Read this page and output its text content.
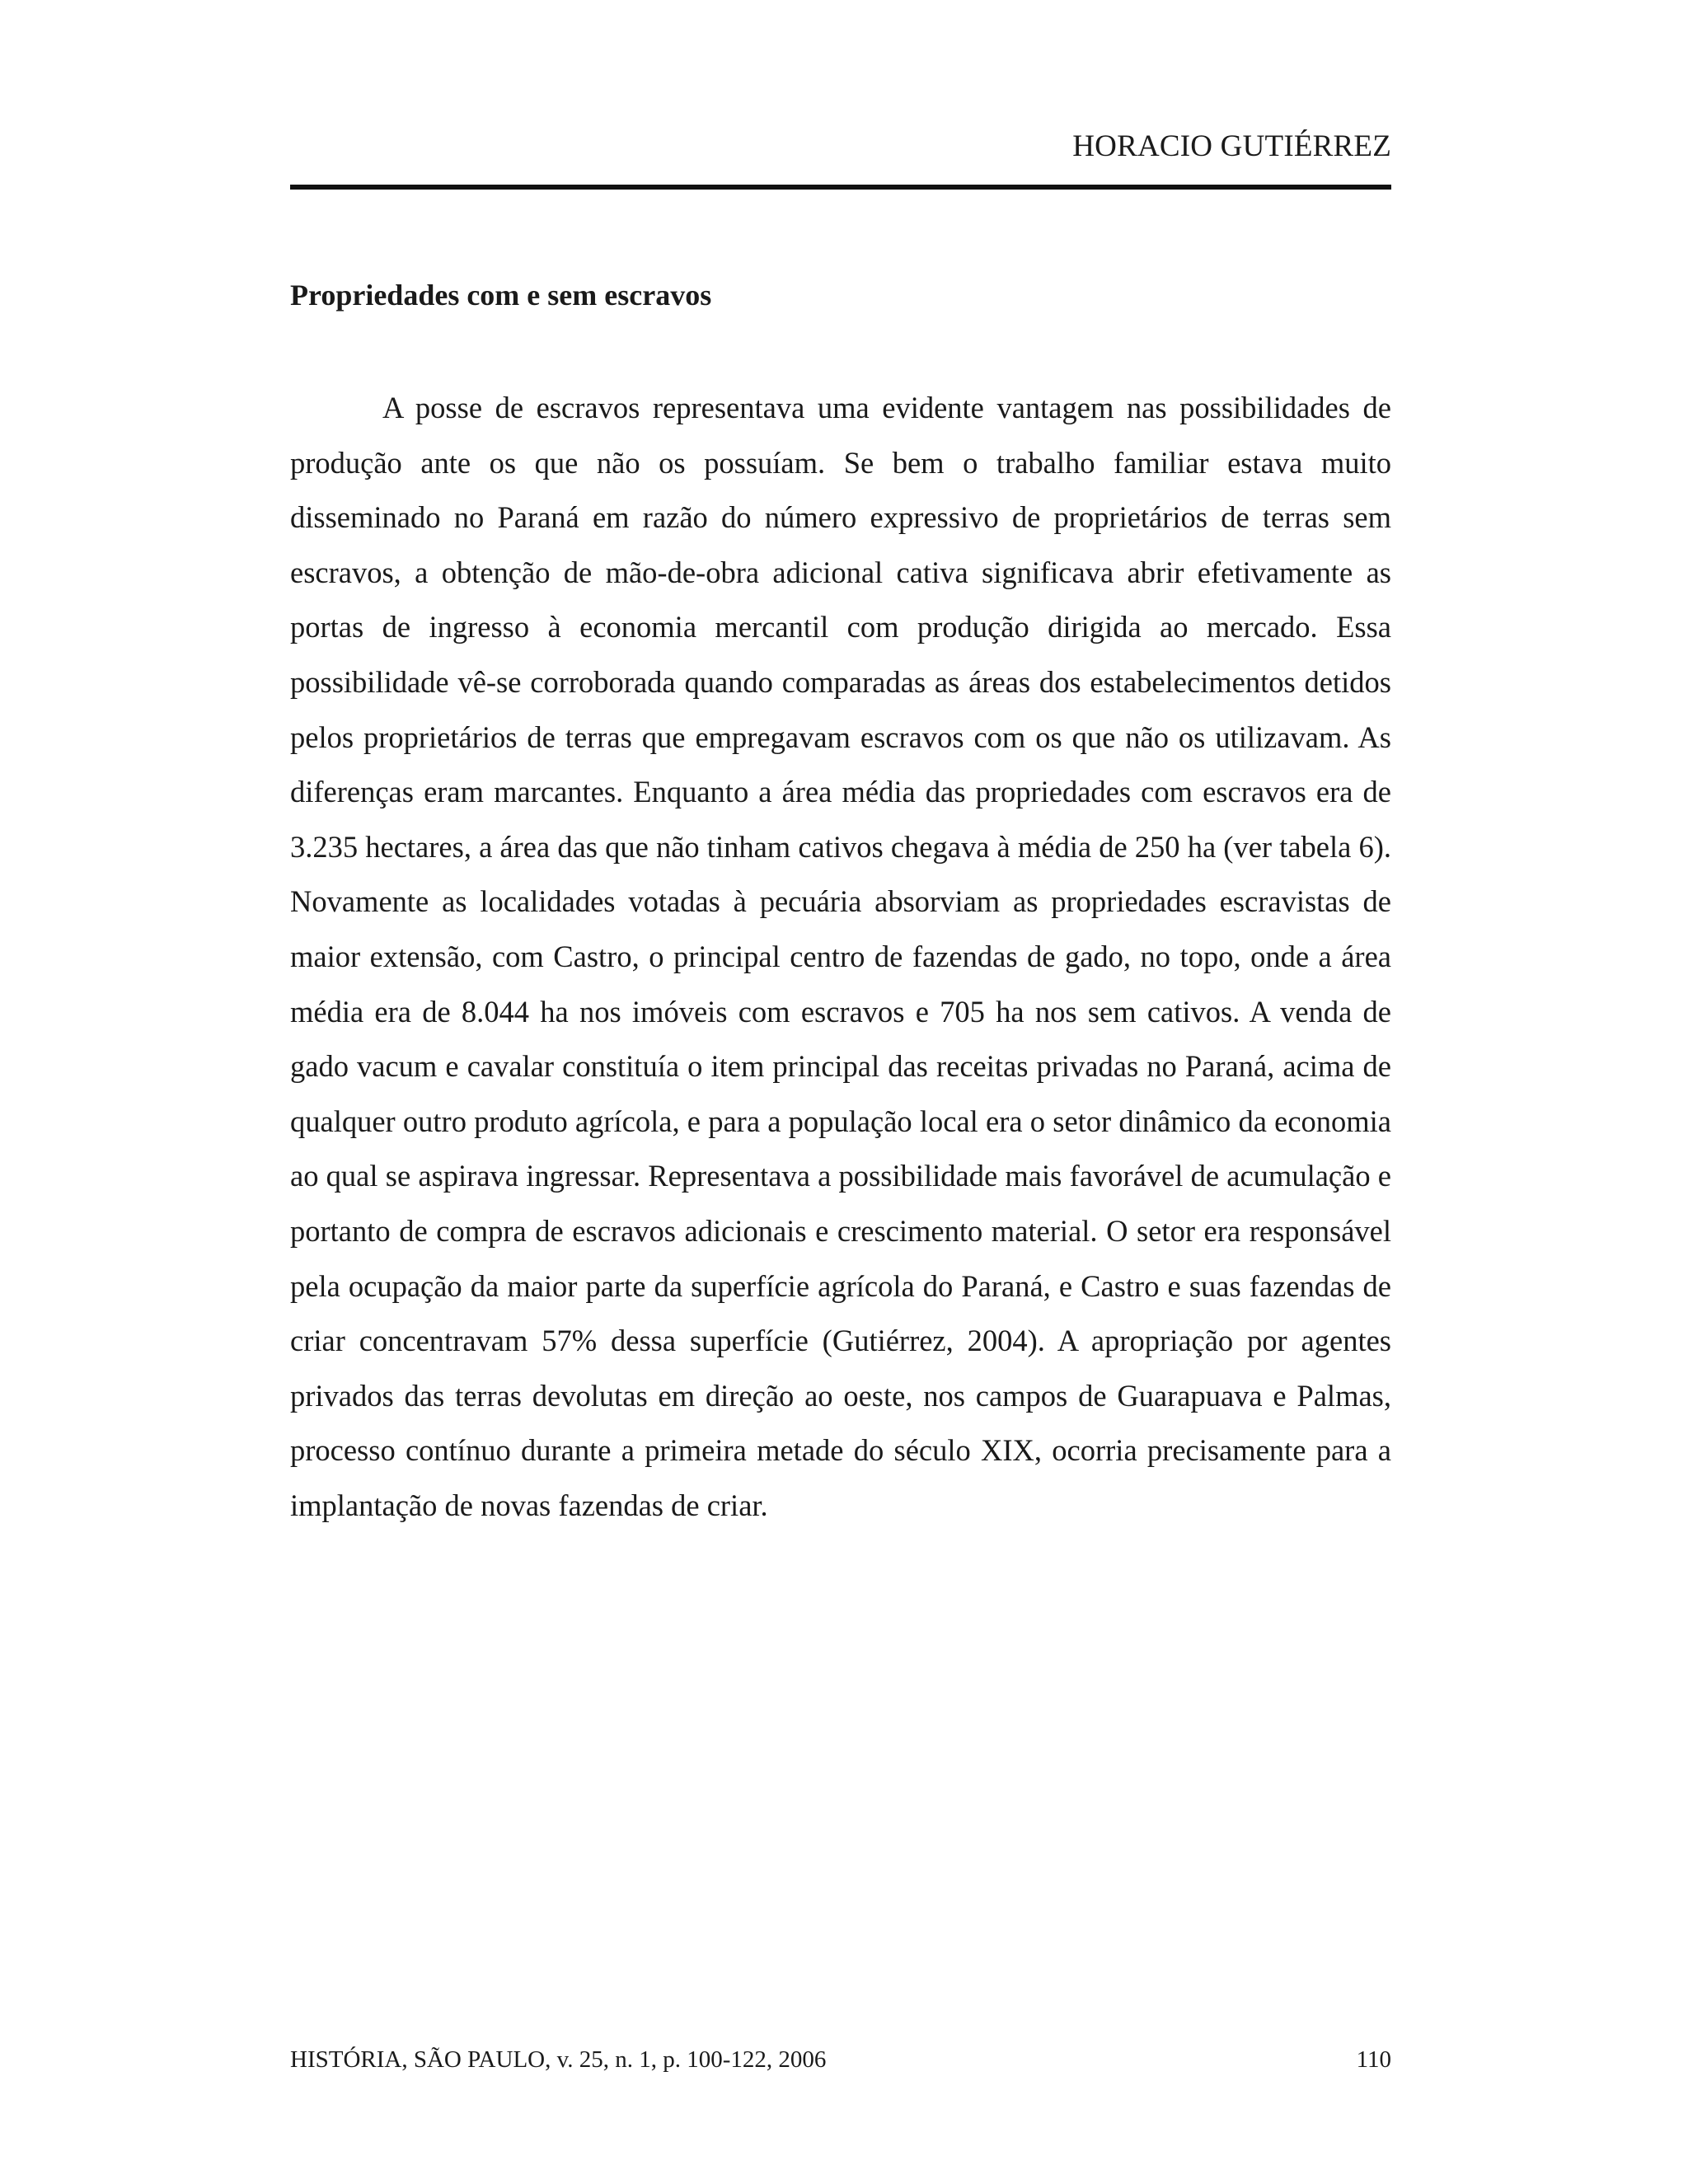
HORACIO GUTIÉRREZ
Propriedades com e sem escravos

A posse de escravos representava uma evidente vantagem nas possibilidades de produção ante os que não os possuíam. Se bem o trabalho familiar estava muito disseminado no Paraná em razão do número expressivo de proprietários de terras sem escravos, a obtenção de mão-de-obra adicional cativa significava abrir efetivamente as portas de ingresso à economia mercantil com produção dirigida ao mercado. Essa possibilidade vê-se corroborada quando comparadas as áreas dos estabelecimentos detidos pelos proprietários de terras que empregavam escravos com os que não os utilizavam. As diferenças eram marcantes. Enquanto a área média das propriedades com escravos era de 3.235 hectares, a área das que não tinham cativos chegava à média de 250 ha (ver tabela 6). Novamente as localidades votadas à pecuária absorviam as propriedades escravistas de maior extensão, com Castro, o principal centro de fazendas de gado, no topo, onde a área média era de 8.044 ha nos imóveis com escravos e 705 ha nos sem cativos. A venda de gado vacum e cavalar constituía o item principal das receitas privadas no Paraná, acima de qualquer outro produto agrícola, e para a população local era o setor dinâmico da economia ao qual se aspirava ingressar. Representava a possibilidade mais favorável de acumulação e portanto de compra de escravos adicionais e crescimento material. O setor era responsável pela ocupação da maior parte da superfície agrícola do Paraná, e Castro e suas fazendas de criar concentravam 57% dessa superfície (Gutiérrez, 2004). A apropriação por agentes privados das terras devolutas em direção ao oeste, nos campos de Guarapuava e Palmas, processo contínuo durante a primeira metade do século XIX, ocorria precisamente para a implantação de novas fazendas de criar.

HISTÓRIA, SÃO PAULO, v. 25, n. 1, p. 100-122, 2006	110
